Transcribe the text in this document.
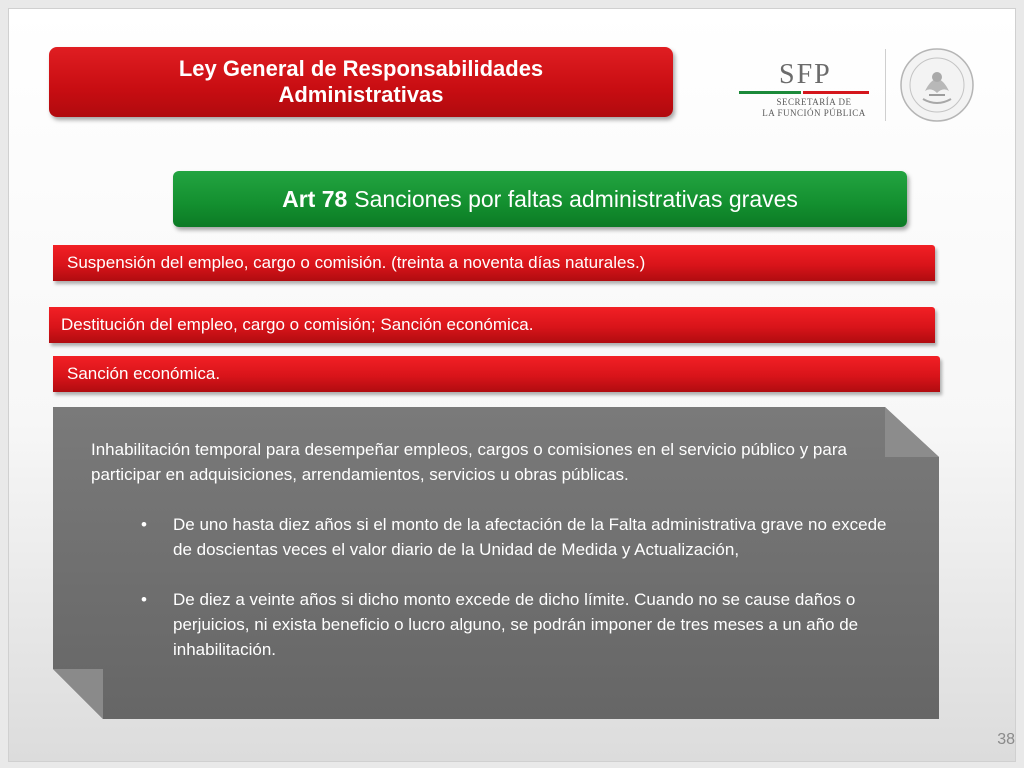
Ley General de Responsabilidades
Administrativas
SFP
SECRETARÍA DE
LA FUNCIÓN PÚBLICA
Art 78 Sanciones por faltas administrativas graves
Suspensión del empleo, cargo o comisión. (treinta a noventa días naturales.)
Destitución del empleo, cargo o comisión; Sanción económica.
Sanción económica.

Inhabilitación temporal para desempeñar empleos, cargos o comisiones en el servicio público y para participar en adquisiciones, arrendamientos, servicios u obras públicas.

• De uno hasta diez años si el monto de la afectación de la Falta administrativa grave no excede de doscientas veces el valor diario de la Unidad de Medida y Actualización,
• De diez a veinte años si dicho monto excede de dicho límite. Cuando no se cause daños o perjuicios, ni exista beneficio o lucro alguno, se podrán imponer de tres meses a un año de inhabilitación.
38
